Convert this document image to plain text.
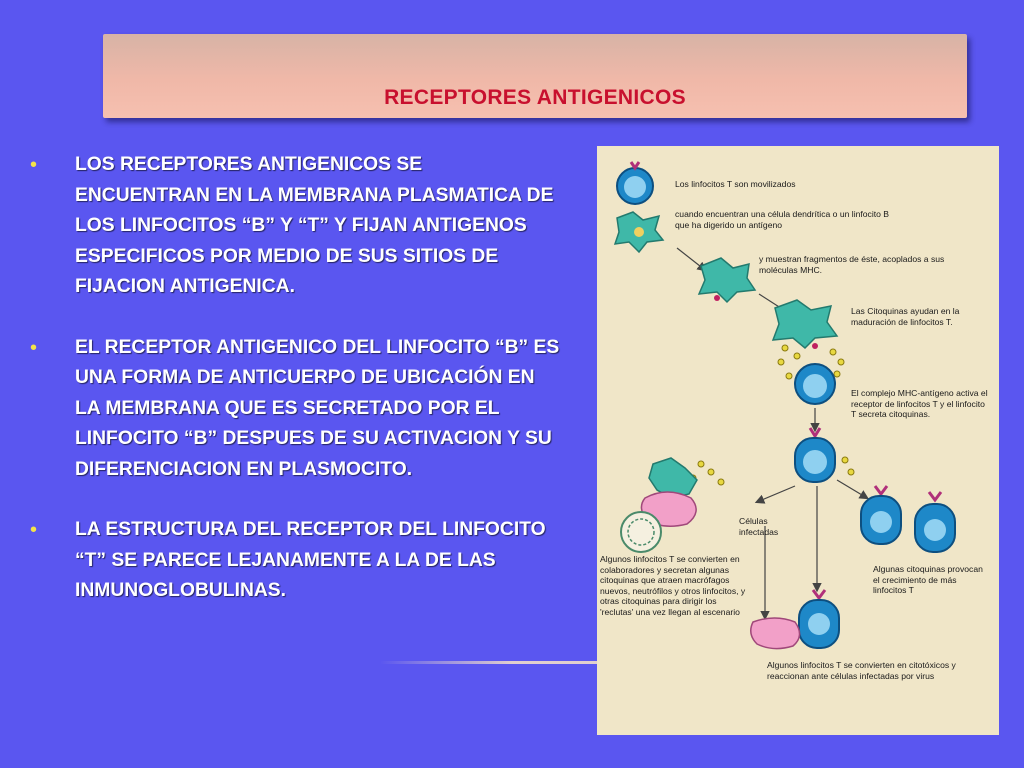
RECEPTORES ANTIGENICOS
• LOS RECEPTORES ANTIGENICOS SE ENCUENTRAN EN LA MEMBRANA PLASMATICA DE LOS LINFOCITOS “B” Y “T” Y FIJAN ANTIGENOS ESPECIFICOS POR MEDIO DE SUS SITIOS DE FIJACION ANTIGENICA.
• EL RECEPTOR ANTIGENICO DEL LINFOCITO “B” ES UNA FORMA DE ANTICUERPO DE UBICACIÓN EN LA MEMBRANA QUE ES SECRETADO POR EL LINFOCITO “B” DESPUES DE SU ACTIVACION Y SU DIFERENCIACION EN PLASMOCITO.
• LA ESTRUCTURA DEL RECEPTOR DEL LINFOCITO “T” SE PARECE LEJANAMENTE A LA DE LAS INMUNOGLOBULINAS.
Los linfocitos T son movilizados
cuando encuentran una célula dendrítica o un linfocito B que ha digerido un antígeno
y muestran fragmentos de éste, acoplados a sus moléculas MHC.
Las Citoquinas ayudan en la maduración de linfocitos T.
El complejo MHC-antígeno activa el receptor de linfocitos T y el linfocito T secreta citoquinas.
Células infectadas
Algunos linfocitos T se convierten en colaboradores y secretan algunas citoquinas que atraen macrófagos nuevos, neutrófilos y otros linfocitos, y otras citoquinas para dirigir los 'reclutas' una vez llegan al escenario
Algunas citoquinas provocan el crecimiento de más linfocitos T
Algunos linfocitos T se convierten en citotóxicos y reaccionan ante células infectadas por virus
